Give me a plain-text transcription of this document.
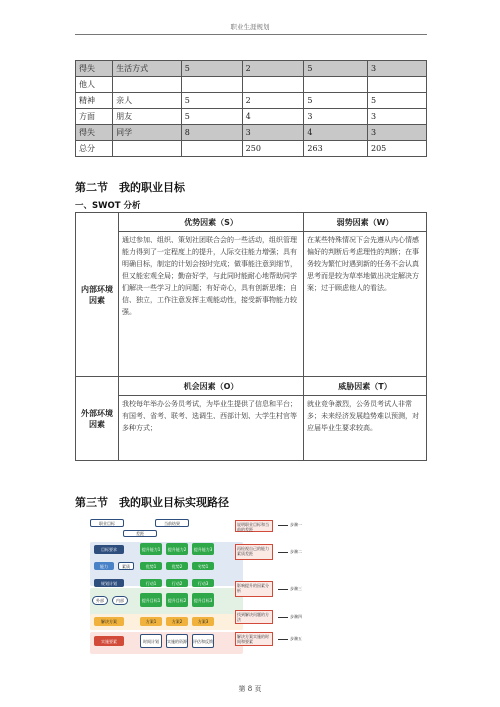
职业生涯规划
得失	生活方式	5	2	5	3
他人					
精神	亲人	5	2	5	5
方面	朋友	5	4	3	3
得失	同学	8	3	4	3
总分			250	263	205
第二节　我的职业目标
一、SWOT 分析
内部环境因素	优势因素（S）	弱势因素（W）
	通过参加、组织、策划社团联合会的一些活动，组织管理能力得到了一定程度上的提升，人际交往能力增强；具有明确目标，制定的计划会按时完成；做事能注意到细节，但又能宏观全局；勤奋好学，与此同时能耐心地帮助同学们解决一些学习上的问题；有好奇心，具有创新思维；自信、独立，工作注意发挥主观能动性，接受新事物能力较强。	在某些特殊情况下会先遵从内心情感偏好的判断后考虑理性的判断；在事务较为繁忙时遇到新的任务不会认真思考而是较为草率地做出决定解决方案；过于顾虑他人的看法。
外部环境因素	机会因素（O）	威胁因素（T）
	我校每年举办公务员考试，为毕业生提供了信息和平台；有国考、省考、联考、选调生、西部计划、大学生村官等多种方式；	就业竞争激烈，公务员考试人非常多；未来经济发展趋势难以预测，对应届毕业生要求较高。
第三节　我的职业目标实现路径
职业目标	当前结果
差距
目标要求	提升能力1	提升能力2	提升能力3
能力	素质	优势1	优势2	劣势1
规划计划	行动1	行动2	行动3
外部	内部	提升目标1	提升目标2	提升目标3
解决方案	方案1	方案2	方案3
实施要素	时间计划	实施的资源 评估和反馈
说明职业目标和当前的差距
再检视自己的能力素质差距
影响提升的因素分析
找到解决问题的方法
解决方案实施的时间和要素
步骤一
步骤二
步骤三
步骤四
步骤五
第 8 页
